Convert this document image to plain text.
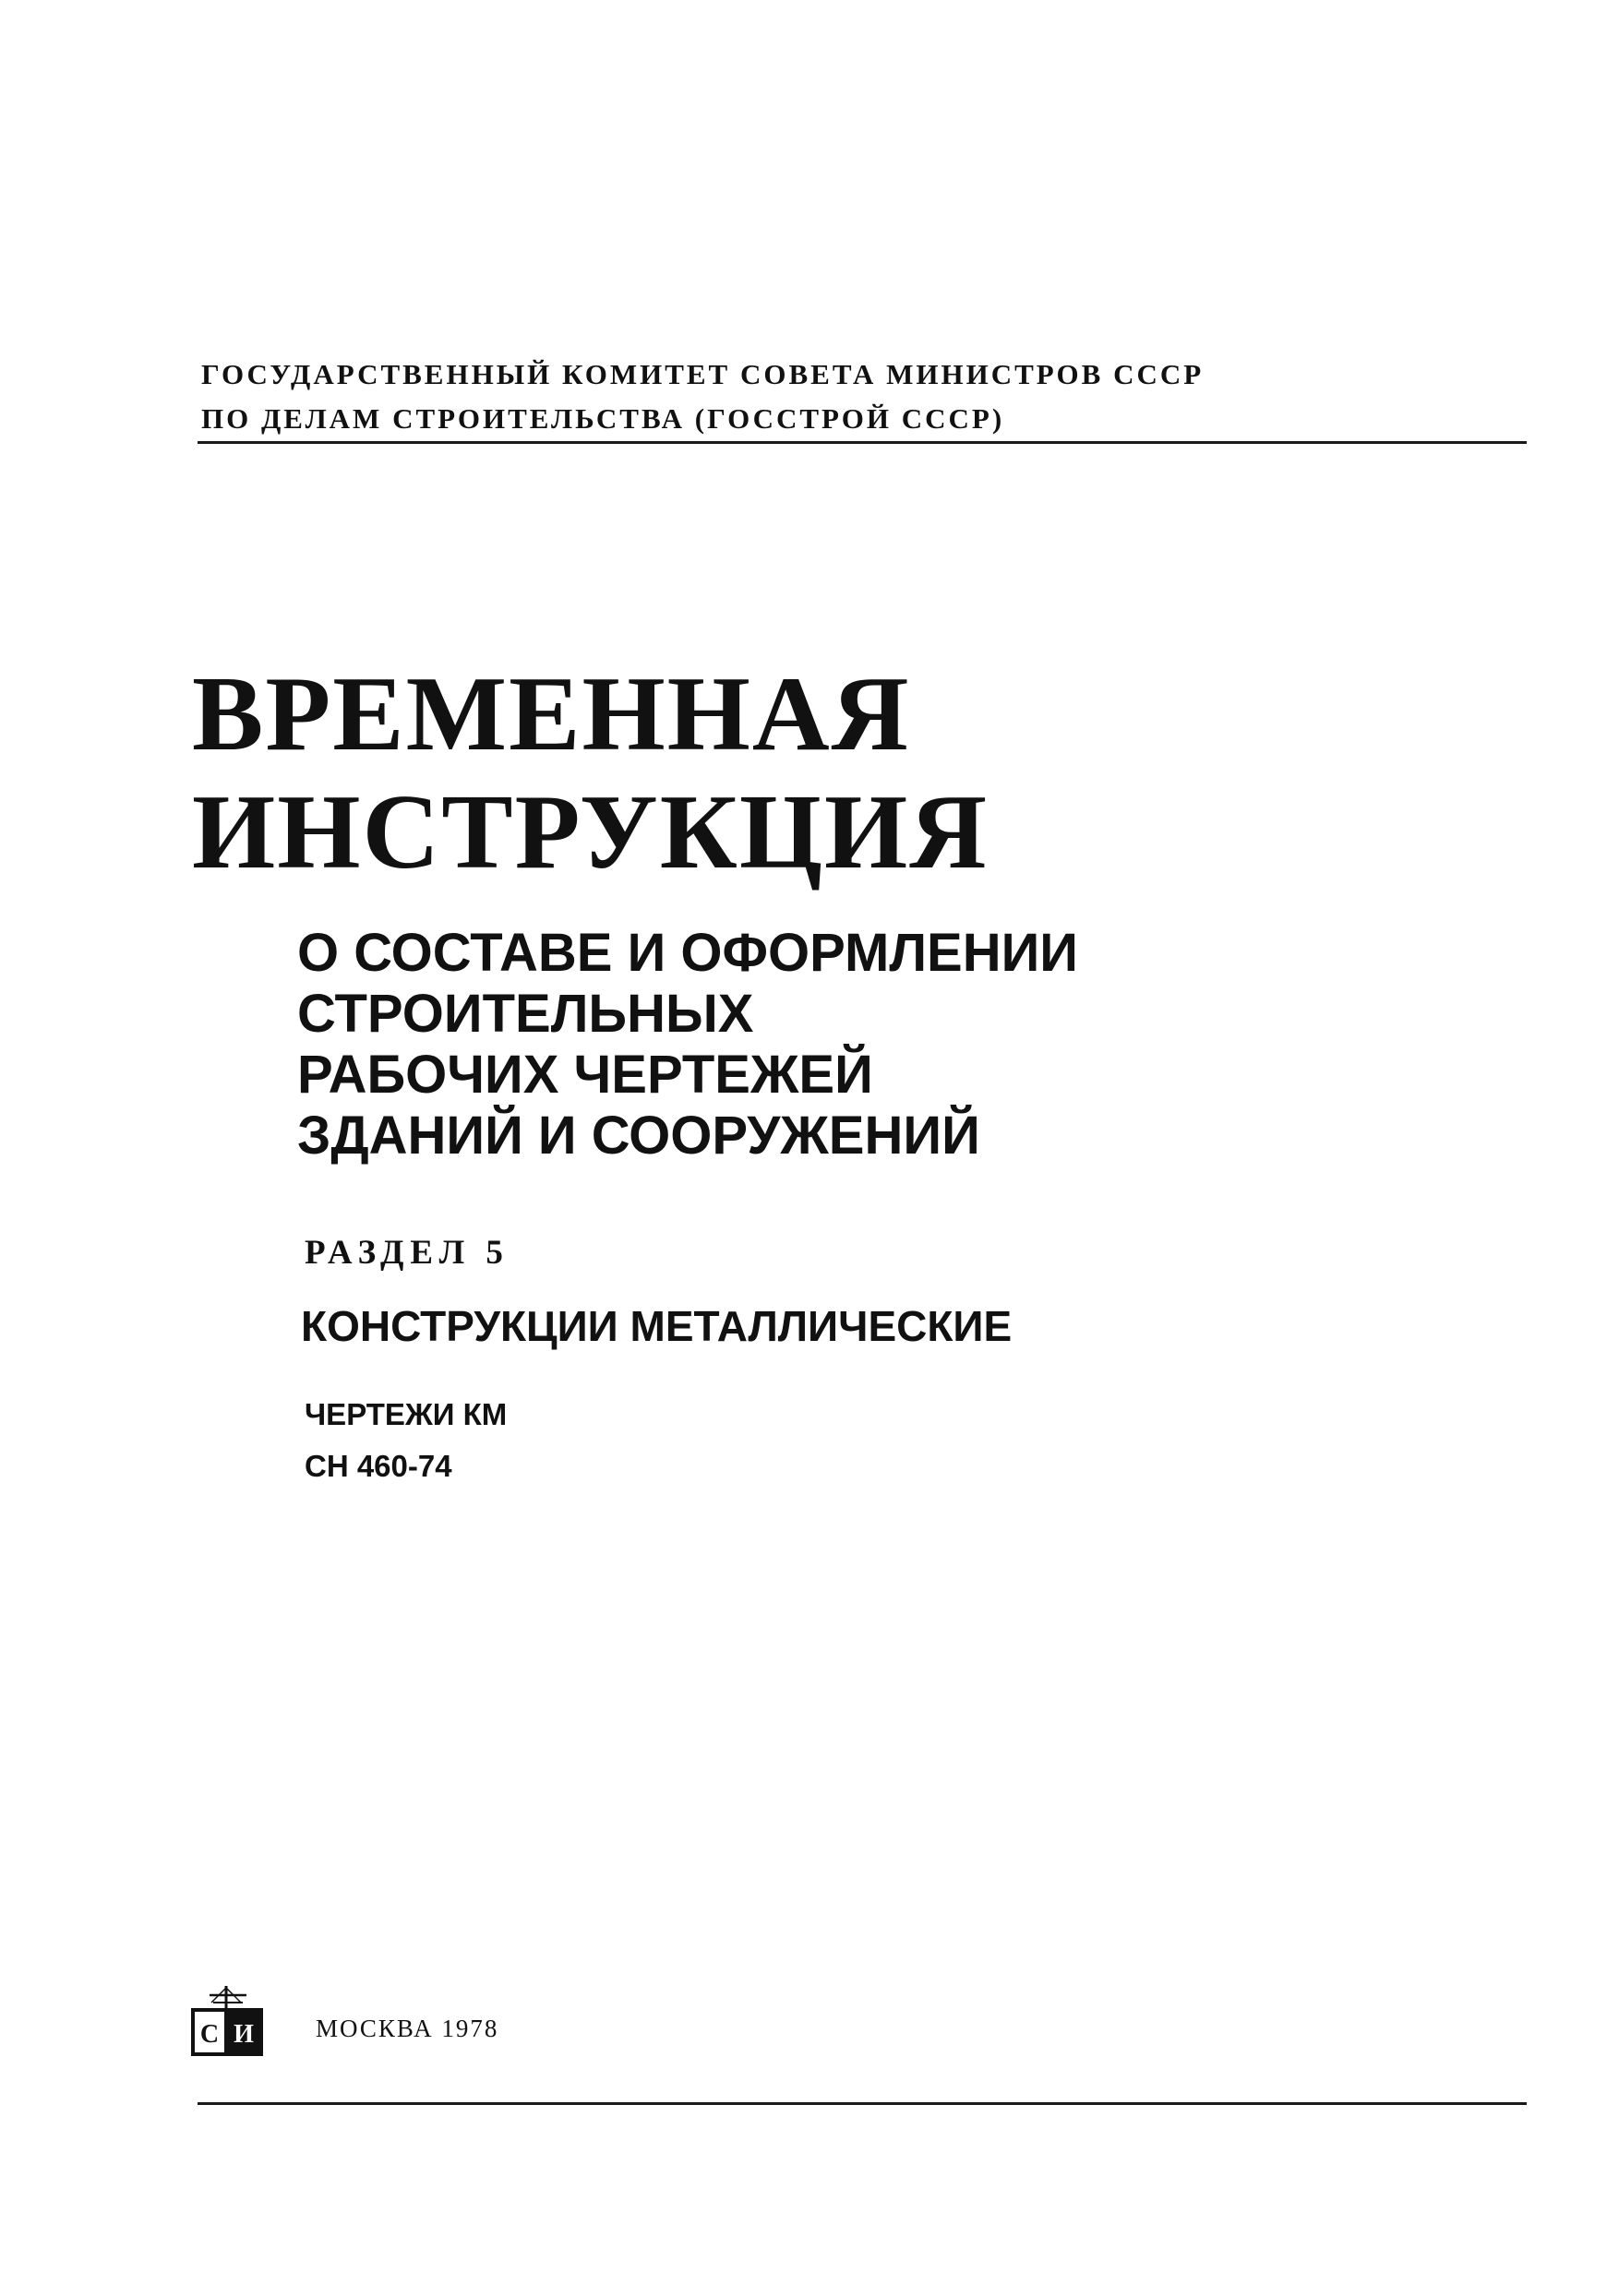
ГОСУДАРСТВЕННЫЙ КОМИТЕТ СОВЕТА МИНИСТРОВ СССР
ПО ДЕЛАМ СТРОИТЕЛЬСТВА (ГОССТРОЙ СССР)
ВРЕМЕННАЯ
ИНСТРУКЦИЯ
О СОСТАВЕ И ОФОРМЛЕНИИ
СТРОИТЕЛЬНЫХ
РАБОЧИХ ЧЕРТЕЖЕЙ
ЗДАНИЙ И СООРУЖЕНИЙ
РАЗДЕЛ 5
КОНСТРУКЦИИ МЕТАЛЛИЧЕСКИЕ
ЧЕРТЕЖИ КМ
СН 460-74
С И МОСКВА 1978
